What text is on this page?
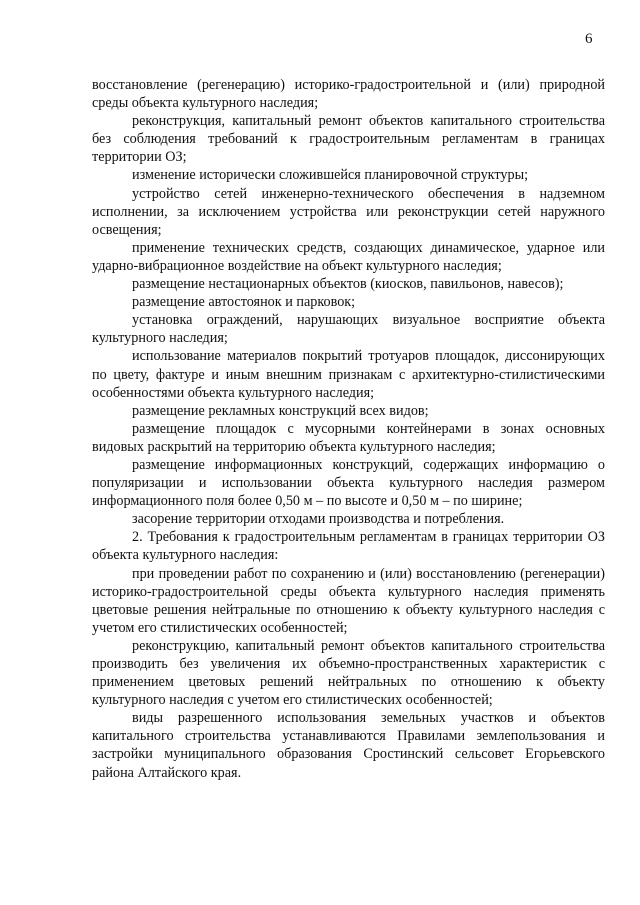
6

восстановление (регенерацию) историко-градостроительной и (или) природной среды объекта культурного наследия;

реконструкция, капитальный ремонт объектов капитального строительства без соблюдения требований к градостроительным регламентам в границах территории ОЗ;

изменение исторически сложившейся планировочной структуры;

устройство сетей инженерно-технического обеспечения в надземном исполнении, за исключением устройства или реконструкции сетей наружного освещения;

применение технических средств, создающих динамическое, ударное или ударно-вибрационное воздействие на объект культурного наследия;

размещение нестационарных объектов (киосков, павильонов, навесов);

размещение автостоянок и парковок;

установка ограждений, нарушающих визуальное восприятие объекта культурного наследия;

использование материалов покрытий тротуаров площадок, диссонирующих по цвету, фактуре и иным внешним признакам с архитектурно-стилистическими особенностями объекта культурного наследия;

размещение рекламных конструкций всех видов;

размещение площадок с мусорными контейнерами в зонах основных видовых раскрытий на территорию объекта культурного наследия;

размещение информационных конструкций, содержащих информацию о популяризации и использовании объекта культурного наследия размером информационного поля более 0,50 м – по высоте и 0,50 м – по ширине;

засорение территории отходами производства и потребления.

2. Требования к градостроительным регламентам в границах территории ОЗ объекта культурного наследия:

при проведении работ по сохранению и (или) восстановлению (регенерации) историко-градостроительной среды объекта культурного наследия применять цветовые решения нейтральные по отношению к объекту культурного наследия с учетом его стилистических особенностей;

реконструкцию, капитальный ремонт объектов капитального строительства производить без увеличения их объемно-пространственных характеристик с применением цветовых решений нейтральных по отношению к объекту культурного наследия с учетом его стилистических особенностей;

виды разрешенного использования земельных участков и объектов капитального строительства устанавливаются Правилами землепользования и застройки муниципального образования Сростинский сельсовет Егорьевского района Алтайского края.
